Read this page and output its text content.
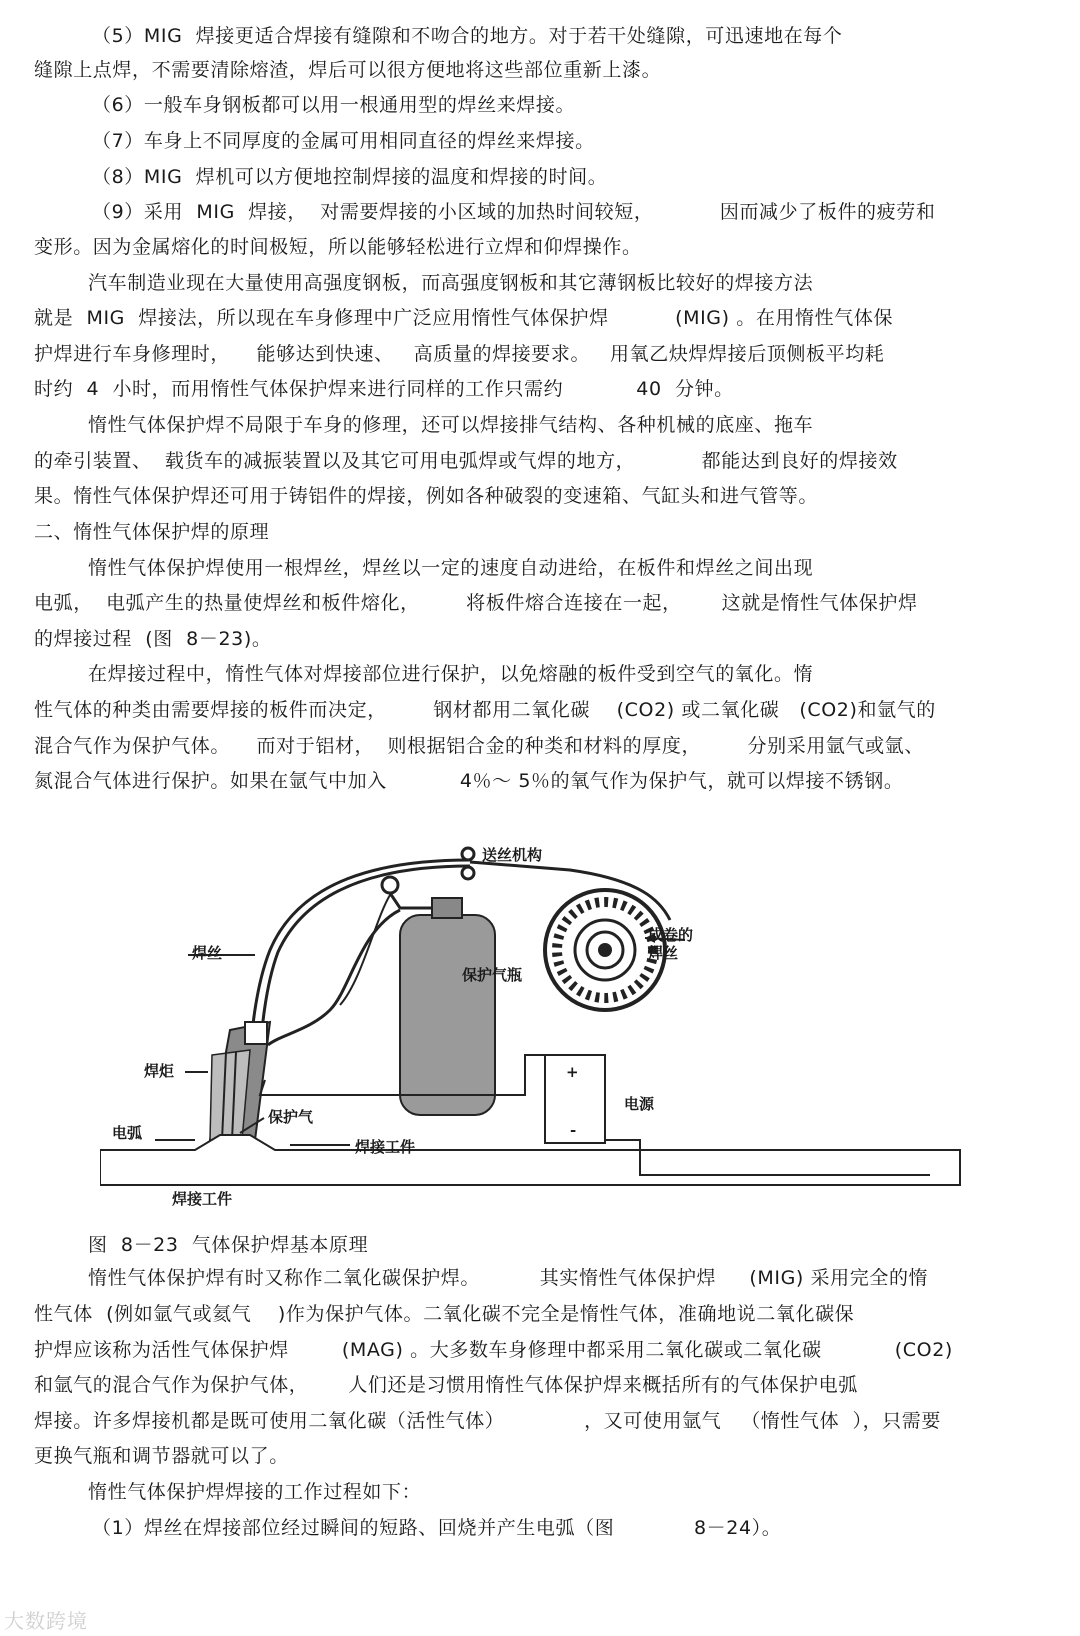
（5）MIG  焊接更适合焊接有缝隙和不吻合的地方。对于若干处缝隙，可迅速地在每个
缝隙上点焊，不需要清除熔渣，焊后可以很方便地将这些部位重新上漆。
（6）一般车身钢板都可以用一根通用型的焊丝来焊接。
（7）车身上不同厚度的金属可用相同直径的焊丝来焊接。
（8）MIG  焊机可以方便地控制焊接的温度和焊接的时间。
（9）采用  MIG  焊接，  对需要焊接的小区域的加热时间较短，          因而减少了板件的疲劳和
变形。因为金属熔化的时间极短，所以能够轻松进行立焊和仰焊操作。
汽车制造业现在大量使用高强度钢板，而高强度钢板和其它薄钢板比较好的焊接方法
就是  MIG  焊接法，所以现在车身修理中广泛应用惰性气体保护焊          (MIG) 。在用惰性气体保
护焊进行车身修理时，    能够达到快速、   高质量的焊接要求。   用氧乙炔焊焊接后顶侧板平均耗
时约  4  小时，而用惰性气体保护焊来进行同样的工作只需约           40  分钟。
惰性气体保护焊不局限于车身的修理，还可以焊接排气结构、各种机械的底座、拖车
的牵引装置、  载货车的减振装置以及其它可用电弧焊或气焊的地方，          都能达到良好的焊接效
果。惰性气体保护焊还可用于铸铝件的焊接，例如各种破裂的变速箱、气缸头和进气管等。
二、惰性气体保护焊的原理
惰性气体保护焊使用一根焊丝，焊丝以一定的速度自动进给，在板件和焊丝之间出现
电弧，  电弧产生的热量使焊丝和板件熔化，       将板件熔合连接在一起，      这就是惰性气体保护焊
的焊接过程  (图  8－23)。
在焊接过程中，惰性气体对焊接部位进行保护，以免熔融的板件受到空气的氧化。惰
性气体的种类由需要焊接的板件而决定，       钢材都用二氧化碳    (CO2) 或二氧化碳   (CO2)和氩气的
混合气作为保护气体。    而对于铝材，  则根据铝合金的种类和材料的厚度，       分别采用氩气或氩、
氮混合气体进行保护。如果在氩气中加入           4％～ 5％的氧气作为保护气，就可以焊接不锈钢。
送丝机构
焊丝
成卷的
焊丝
保护气瓶
焊炬
电源
保护气
电弧
焊接工件
焊接工件
+
-
图  8－23  气体保护焊基本原理
惰性气体保护焊有时又称作二氧化碳保护焊。         其实惰性气体保护焊     (MIG) 采用完全的惰
性气体  (例如氩气或氦气    )作为保护气体。二氧化碳不完全是惰性气体，准确地说二氧化碳保
护焊应该称为活性气体保护焊        (MAG) 。大多数车身修理中都采用二氧化碳或二氧化碳           (CO2)
和氩气的混合气作为保护气体，      人们还是习惯用惰性气体保护焊来概括所有的气体保护电弧
焊接。许多焊接机都是既可使用二氧化碳（活性气体）            ，又可使用氩气   （惰性气体  ），只需要
更换气瓶和调节器就可以了。
惰性气体保护焊焊接的工作过程如下：
（1）焊丝在焊接部位经过瞬间的短路、回烧并产生电弧（图            8－24）。
大数跨境
